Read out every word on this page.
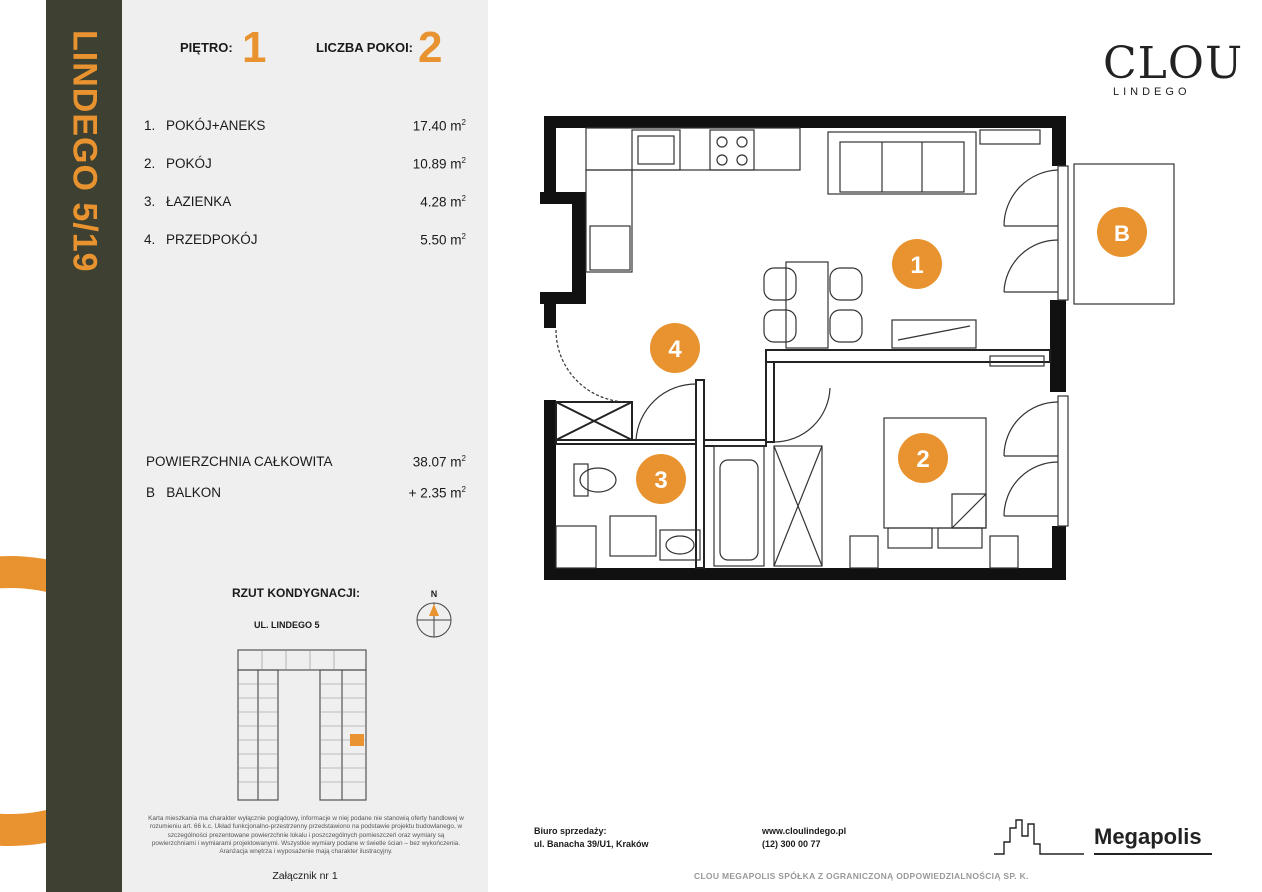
LINDEGO 5/19	PIĘTRO: 1	LICZBA POKOI: 2
1. POKÓJ+ANEKS	17.40 $m^2$
2. POKÓJ	10.89 $m^2$
3. ŁAZIENKA	4.28 $m^2$
4. PRZEDPOKÓJ	5.50 $m^2$
POWIERZCHNIA CAŁKOWITA	38.07 $m^2$
B BALKON	+ 2.35 $m^2$
RZUT KONDYGNACJI:
UL. LINDEGO 5
N
Karta mieszkania ma charakter wyłącznie poglądowy, informacje w niej podane nie stanowią oferty handlowej w rozumieniu art. 66 k.c. Układ funkcjonalno-przestrzenny przedstawiono na podstawie projektu budowlanego, w szczególności prezentowane powierzchnie lokalu i poszczególnych pomieszczeń oraz wymiary są powierzchniami i wymiarami projektowanymi. Wszystkie wymiary podane w świetle ścian – bez wykończenia. Aranżacja wnętrza i wyposażenie mają charakter ilustracyjny.
Załącznik nr 1
CLOU
LINDEGO
1
2
3
4
B
Biuro sprzedaży:
ul. Banacha 39/U1, Kraków
www.cloulindego.pl
(12) 300 00 77	Megapolis
CLOU MEGAPOLIS SPÓŁKA Z OGRANICZONĄ ODPOWIEDZIALNOŚCIĄ SP. K.
